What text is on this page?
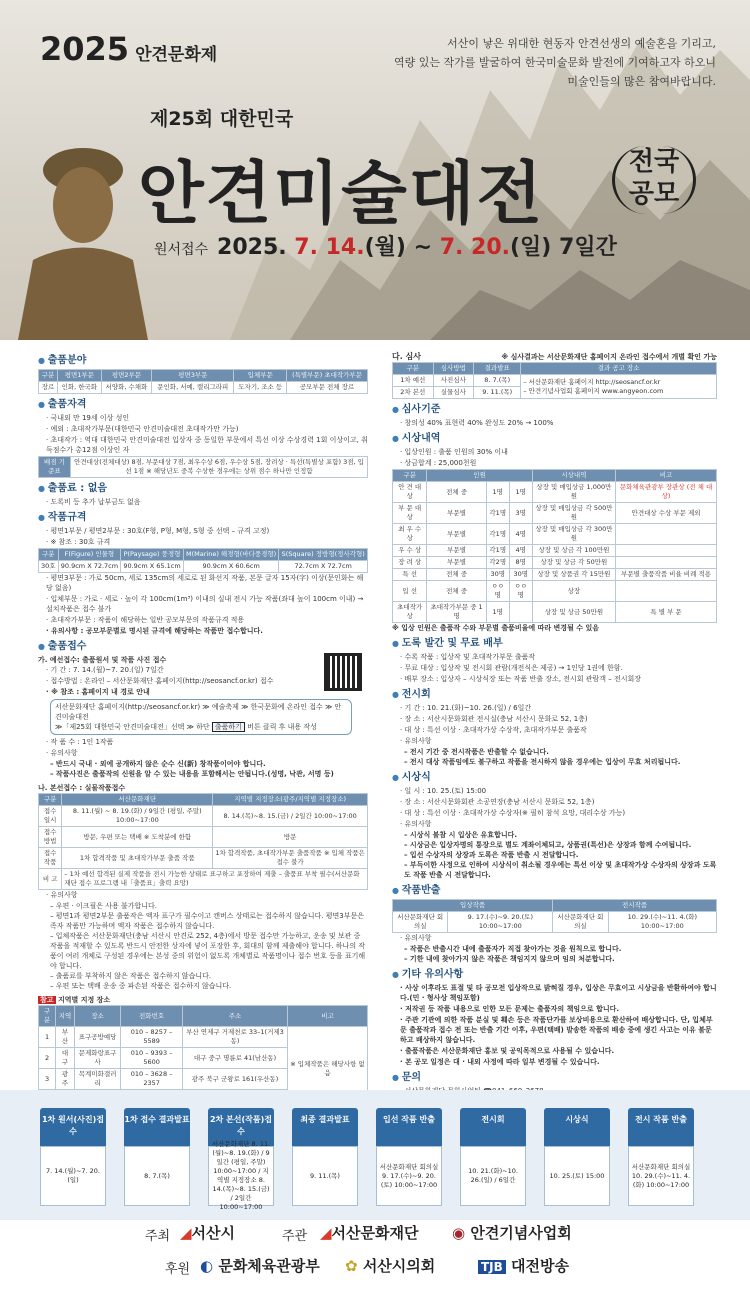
2025 안견문화제
서산이 낳은 위대한 현동자 안견선생의 예술혼을 기리고,
역량 있는 작가를 발굴하여 한국미술문화 발전에 기여하고자 하오니
미술인들의 많은 참여바랍니다.
제25회 대한민국
안견미술대전	전국
공모
원서접수 2025. 7. 14.(월) ~ 7. 20.(일) 7일간
● 출품분야
구분	평면1부문	평면2부문	평면3부문	입체부문	(특별부문) 초대작가부문
장르	인화, 한국화	서양화, 수채화	문인화, 서예, 캘리그라피	도자기, 조소 등	공모부문 전체 장르
● 출품자격
· 국내외 만 19세 이상 성인
· 예외 : 초대작가부문(대한민국 안견미술대전 초대작가만 가능)
· 초대작가 : 역대 대한민국 안견미술대전 입상자 중 동일한 부문에서 특선 이상 수상경력 1회 이상이고, 취득점수가 총12점 이상인 자
배점 기준표	안견대상(전체대상) 8점, 부문대상 7점, 최우수상 6점, 우수상 5점, 장려상 · 특선(특별상 포함) 3점, 입선 1점 ※ 해당년도 중복 수상한 경우에는 상위 점수 하나만 인정함
● 출품료 : 없음
· 도록비 등 추가 납부금도 없음
● 작품규격
· 평면1부문 / 평면2부문 : 30호(F형, P형, M형, S형 중 선택 – 규격 고정)
· ※ 참조 : 30호 규격
구분	F(Figure) 인물형	P(Paysage) 풍경형	M(Marine) 해경형(바다풍경형)	S(Square) 정방형(정사각형)
30호	90.9cm X 72.7cm	90.9cm X 65.1cm	90.9cm X 60.6cm	72.7cm X 72.7cm
· 평면3부문 : 가로 50cm, 세로 135cm의 세로로 된 화선지 작품, 본문 글자 15자(字) 이상(문인화는 해당 없음)
· 입체부문 : 가로 · 세로 · 높이 각 100cm(1m³) 이내의 실내 전시 가능 작품(좌대 높이 100cm 이내) → 설치작품은 접수 불가
· 초대작가부문 : 작품이 해당하는 일반 공모부문의 작품규격 적용
· 유의사항 : 공모부문별로 명시된 규격에 해당하는 작품만 접수합니다.
● 출품접수
가. 예선접수: 출품원서 및 작품 사진 접수
· 기 간 : 7. 14.(월)~7. 20.(일) 7일간
· 접수방법 : 온라인 – 서산문화재단 홈페이지(http://seosancf.or.kr) 접수
· ※ 참조 : 홈페이지 내 경로 안내
서산문화재단 홈페이지(http://seosancf.or.kr) ≫ 예술축제 ≫ 한국문화예 온라인 접수 ≫ 안견미술대전
≫「제25회 대한민국 안견미술대전」선택 ≫ 하단 출품하기 버튼 클릭 후 내용 작성
· 작 품 수 : 1인 1작품
· 유의사항
– 반드시 국내 · 외에 공개하지 않은 순수 신(新) 창작품이어야 합니다.
– 작품사진은 출품작의 신원을 알 수 있는 내용을 포함해서는 안됩니다.(성명, 낙관, 서명 등)
나. 본선접수 : 실물작품접수
구분	서산문화재단	지역별 지정장소(광주/지역별 지정장소)
접수일시	8. 11.(월) ~ 8. 19.(화) / 9일간 (평일, 주말) 10:00~17:00	8. 14.(목)~8. 15.(금) / 2일간 10:00~17:00
접수방법	방문, 우편 또는 택배 ※ 도착분에 한함	방문
접수작품	1차 합격작품 및 초대작가부문 출품 작품	1차 합격작품, 초대작가부문 출품작품 ※ 입체 작품은 접수 불가
비 고	– 1차 예선 합격된 실제 작품을 전시 가능한 상태로 표구하고 포장하여 제출 – 출품표 부착 필수(서산문화재단 접수 프로그램 내「출품표」출력 요망)	
· 유의사항
– 우편 · 이크필은 사용 불가합니다.
– 평면1과 평면2부문 출품작은 액자 표구가 필수이고 캔버스 상태로는 접수하지 않습니다. 평면3부문은 족자 작품만 가능하며 액자 작품은 접수하지 않습니다.
– 입체작품은 서산문화재단(충남 서산시 안견로 252, 4층)에서 방문 접수만 가능하고, 운송 및 보관 중 작품을 적재할 수 있도록 반드시 안전한 상자에 넣어 포장한 후, 회대의 함께 제출해야 합니다. 하나의 작품이 여러 개체로 구성된 경우에는 본성 중의 위험이 없도록 개체별로 작품명이나 접수 번호 등을 표기해야 합니다.
– 출품료를 부착하지 않은 작품은 접수하지 않습니다.
– 우편 또는 택배 운송 중 파손된 작품은 접수하지 않습니다.
참고 지역별 지정 장소
구분	지역	장소	전화번호	주소	비고
1	부 산	표구공방예당	010 – 8257 – 5589	부산 연제구 거제천로 33–1(거제3동)	※ 입체작품은 해당사항 없음
2	대 구	문제화랑표구사	010 – 9393 – 5600	대구 중구 명륜로 41(남산동)	
3	광 주	목계미화갤러리	010 – 3628 – 2357	광주 북구 군왕로 161(우산동)	

다. 심사	※ 심사결과는 서산문화재단 홈페이지 온라인 접수에서 개별 확인 가능
구분	심사방법	결과발표	결과 공고 장소
1차 예선	사진심사	8. 7.(목)	– 서산문화재단 홈페이지 http://seosancf.or.kr
– 안견기념사업회 홈페이지 www.angyeon.com

2차 본선	실물심사	9. 11.(목)	
● 심사기준
· 창의성 40% 표현력 40% 완성도 20% → 100%
● 시상내역
· 입상인원 : 출품 인원의 30% 이내
· 상금합계 : 25,000천원
구분	인원			시상내역	비고
안 견 대 상	전체 중	1명	1명	상장 및 매입상금 1,000만원	문화체육관광부 장관상 (전 체 대 상)
부 문 대 상	부문별	각1명	3명	상장 및 매입상금 각 500만원	안견대상 수상 부문 제외
최 우 수 상	부문별	각1명	4명	상장 및 매입상금 각 300만원	
우 수 상	부문별	각1명	4명	상장 및 상금 각 100만원	
장 려 상	부문별	각2명	8명	상장 및 상금 각 50만원	
특 선	전체 중	30명	30명	상장 및 상품권 각 15만원	부문별 출품작품 비율 비례 적용
입 선	전체 중	ㅇㅇ명	ㅇㅇ명	상장	
초대작가상	초대작가부문 중 1명	1명		상장 및 상금 50만원	특 별 부 문
※ 입상 인원은 출품작 수와 부문별 출품비율에 따라 변경될 수 있음
● 도록 발간 및 무료 배부
· 수록 작품 : 입상작 및 초대작가부문 출품작
· 무료 대상 : 입상작 및 전시회 관람(개전식은 제공) → 1인당 1권에 한함.
· 배부 장소 : 입상자 – 시상식장 또는 작품 반출 장소, 전시회 관람객 – 전시회장
● 전시회
· 기 간 : 10. 21.(화)~10. 26.(일) / 6일간
· 장 소 : 서산시문화회관 전시실(충남 서산시 문화로 52, 1층)
· 대 상 : 특선 이상 · 초대작가상 수상작, 초대작가부문 출품작
· 유의사항
– 전시 기간 중 전시작품은 반출할 수 없습니다.
– 전시 대상 작품임에도 불구하고 작품을 전시하지 않을 경우에는 입상이 무효 처리됩니다.
● 시상식
· 일 시 : 10. 25.(토) 15:00
· 장 소 : 서산시문화회관 소공연장(충남 서산시 문화로 52, 1층)
· 대 상 : 특선 이상 · 초대작가상 수상자(※ 필히 참석 요망, 대리수상 가능)
· 유의사항
– 시상식 불참 시 입상은 유효합니다.
– 시상금은 입상자명의 통장으로 별도 계좌이체되고, 상품권(특선)은 상장과 함께 수여됩니다.
– 입선 수상자의 상장과 도록은 작품 반출 시 전달합니다.
– 부득이한 사정으로 인하여 시상식이 취소될 경우에는 특선 이상 및 초대작가상 수상자의 상장과 도록도 작품 반출 시 전달합니다.
● 작품반출
입상작품		전시작품	
서산문화재단 회의실	9. 17.(수)~9. 20.(토) 10:00~17:00	서산문화재단 회의실	10. 29.(수)~11. 4.(화) 10:00~17:00
· 유의사항
– 작품은 반출시간 내에 출품자가 직접 찾아가는 것을 원칙으로 합니다.
– 기한 내에 찾아가지 않은 작품은 책임지지 않으며 임의 처분합니다.
● 기타 유의사항
· 사상 이후라도 표절 및 타 공모전 입상작으로 밝혀질 경우, 입상은 무효이고 시상금을 반환하여야 합니다.(민 · 형사상 책임포함)
· 저작권 등 작품 내용으로 인한 모든 문제는 출품자의 책임으로 합니다.
· 주관 기관에 의한 작품 분실 및 훼손 등은 작품단가를 보상비용으로 환산하여 배상합니다. 단, 입체부문 출품작과 접수 전 또는 반출 기간 이후, 우편(택배) 발송한 작품의 배송 중에 생긴 사고는 이유 불문하고 배상하지 않습니다.
· 출품작품은 서산문화재단 홍보 및 공익목적으로 사용될 수 있습니다.
· 본 공모 일정은 대 · 내외 사정에 따라 일부 변경될 수 있습니다.
● 문의
·
1차 원서(사진)접수
7. 14.(월)~7. 20.(일)
1차 접수 결과발표
8. 7.(목)
2차 본선(작품)접수
(월)~8. 19.(화) / 9일간 (평일, 주말) 10:00~17:00 / 지역별 지정장소 8. 14.(목)~8. 15.(금) / 2일간 10:00~17:00
최종 결과발표
9. 11.(목)
입선 작품 반출
서산문화재단 회의실 9. 17.(수)~9. 20.(토) 10:00~17:00
전시회
10. 21.(화)~10. 26.(일) / 6일간
시상식
10. 25.(토) 15:00
전시 작품 반출
서산문화재단 회의실 10. 29.(수)~11. 4.(화) 10:00~17:00
주최 ◢서산시	주관 ◢서산문화재단 ◉ 안견기념사업회
후원 ◐ 문화체육관광부 ✿ 서산시의회	TJB 대전방송
